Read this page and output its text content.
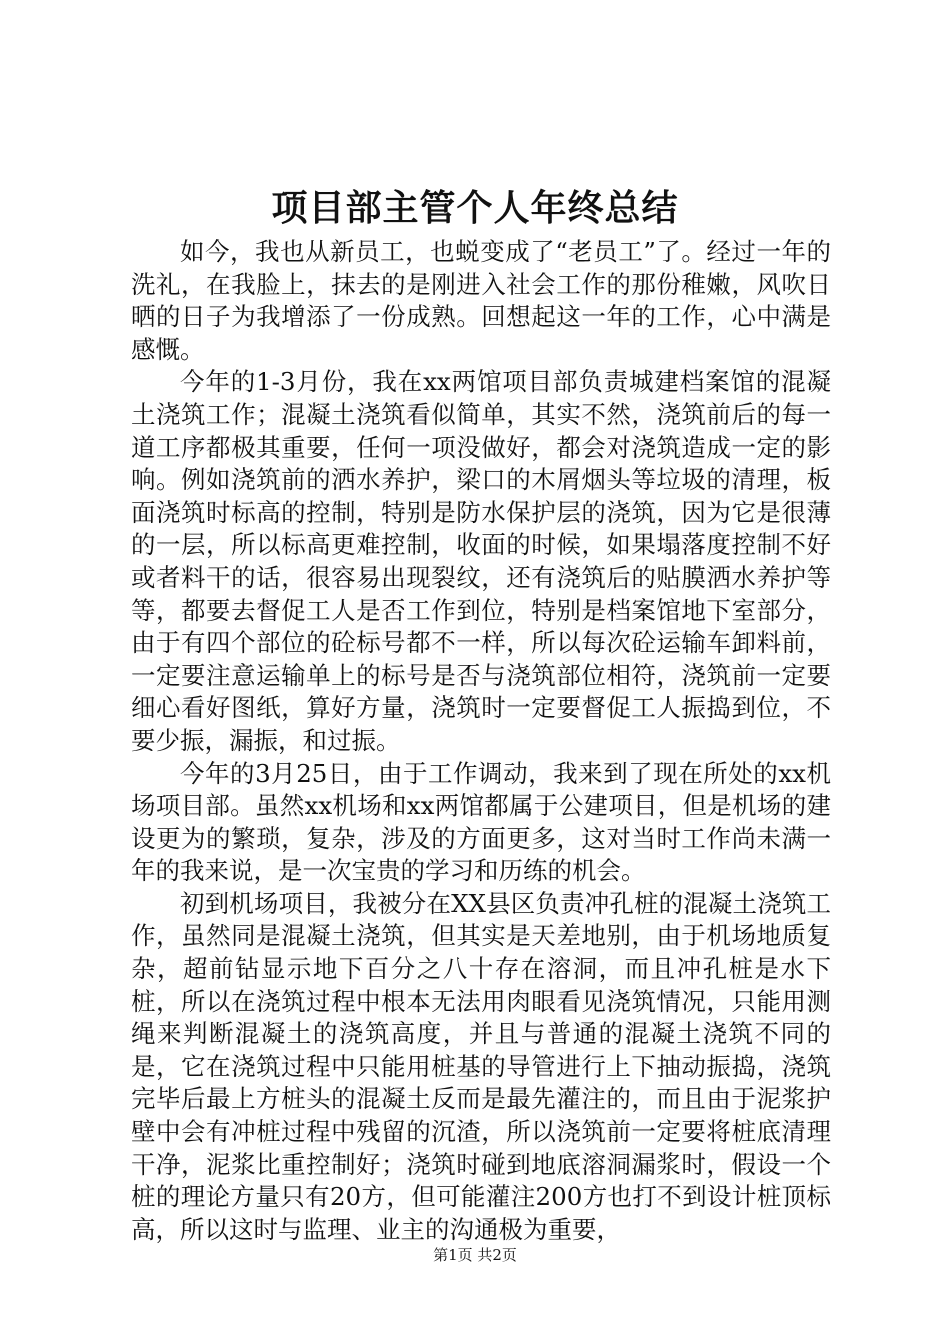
项目部主管个人年终总结

如今，我也从新员工，也蜕变成了“老员工”了。经过一年的洗礼，在我脸上，抹去的是刚进入社会工作的那份稚嫩，风吹日晒的日子为我增添了一份成熟。回想起这一年的工作，心中满是感慨。

今年的1-3月份，我在xx两馆项目部负责城建档案馆的混凝土浇筑工作；混凝土浇筑看似简单，其实不然，浇筑前后的每一道工序都极其重要，任何一项没做好，都会对浇筑造成一定的影响。例如浇筑前的洒水养护，梁口的木屑烟头等垃圾的清理，板面浇筑时标高的控制，特别是防水保护层的浇筑，因为它是很薄的一层，所以标高更难控制，收面的时候，如果塌落度控制不好或者料干的话，很容易出现裂纹，还有浇筑后的贴膜洒水养护等等，都要去督促工人是否工作到位，特别是档案馆地下室部分，由于有四个部位的砼标号都不一样，所以每次砼运输车卸料前，一定要注意运输单上的标号是否与浇筑部位相符，浇筑前一定要细心看好图纸，算好方量，浇筑时一定要督促工人振捣到位，不要少振，漏振，和过振。

今年的3月25日，由于工作调动，我来到了现在所处的xx机场项目部。虽然xx机场和xx两馆都属于公建项目，但是机场的建设更为的繁琐，复杂，涉及的方面更多，这对当时工作尚未满一年的我来说，是一次宝贵的学习和历练的机会。

初到机场项目，我被分在XX县区负责冲孔桩的混凝土浇筑工作，虽然同是混凝土浇筑，但其实是天差地别，由于机场地质复杂，超前钻显示地下百分之八十存在溶洞，而且冲孔桩是水下桩，所以在浇筑过程中根本无法用肉眼看见浇筑情况，只能用测绳来判断混凝土的浇筑高度，并且与普通的混凝土浇筑不同的是，它在浇筑过程中只能用桩基的导管进行上下抽动振捣，浇筑完毕后最上方桩头的混凝土反而是最先灌注的，而且由于泥浆护壁中会有冲桩过程中残留的沉渣，所以浇筑前一定要将桩底清理干净，泥浆比重控制好；浇筑时碰到地底溶洞漏浆时，假设一个桩的理论方量只有20方，但可能灌注200方也打不到设计桩顶标高，所以这时与监理、业主的沟通极为重要，

第1页 共2页
